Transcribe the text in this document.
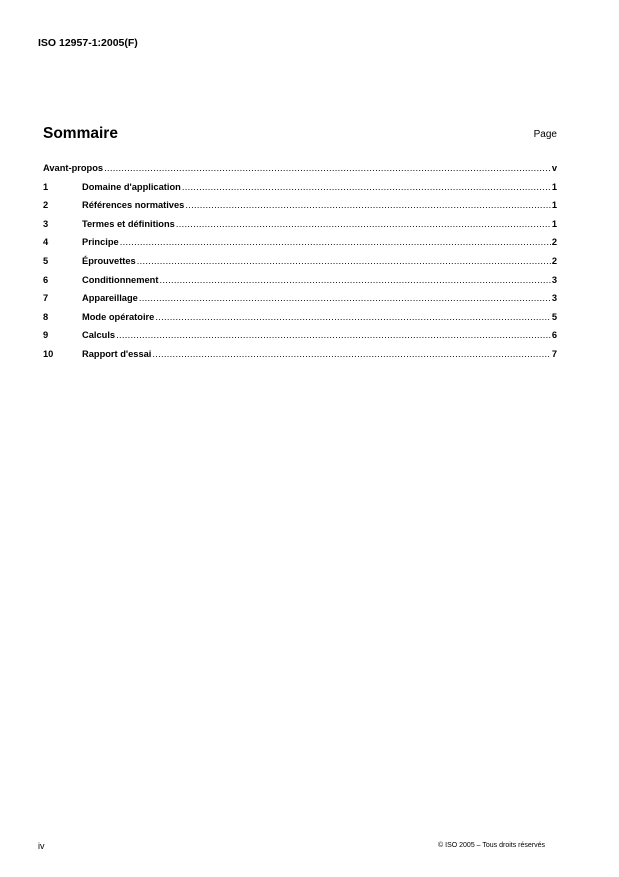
ISO 12957-1:2005(F)
Sommaire	Page
Avant-propos .....	v
1	Domaine d'application .....	1
2	Références normatives .....	1
3	Termes et définitions .....	1
4	Principe .....	2
5	Éprouvettes .....	2
6	Conditionnement .....	3
7	Appareillage .....	3
8	Mode opératoire .....	5
9	Calculs .....	6
10	Rapport d'essai .....	7
iv	© ISO 2005 – Tous droits réservés
